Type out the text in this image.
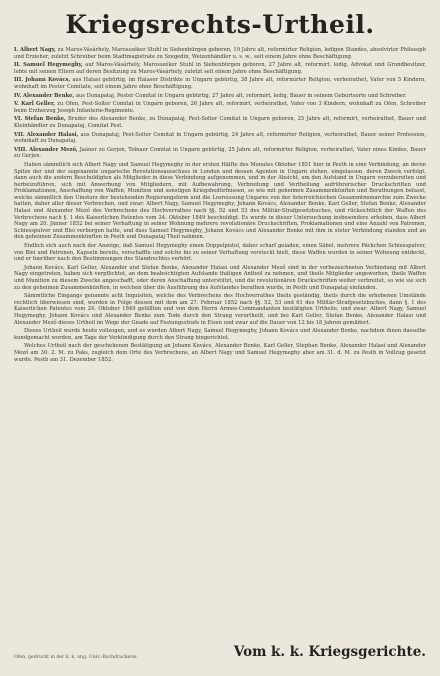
Kriegsrechts-Urtheil.
I. Albert Nagy, zu Maros-Vásárhely, Marosszéker Stuhl in Siebenbürgen geboren, 19 Jahre alt, reformirter Religion, ledigen Standes, absolvirter Philosoph und Erzieher, zuletzt Schreiber beim Stadtmagistrate zu Szegedin, Weizenhändler u. s. w., seit einem Jahre ohne Beschäftigung.
II. Samuel Hegymeghy, auf Maros-Vásárhely, Marosszéker Stuhl in Siebenbürgen geboren, 27 Jahre alt, reformirt, ledig, Advokat und Grundbesitzer, lebte mit seinen Eltern auf deren Besitzung zu Maros-Vásárhely, zuletzt seit einem Jahre ohne Beschäftigung.
III. Johann Kovács, aus Halasi gebürtig, im Halaser Distrikte in Ungarn gebürtig, 38 Jahre alt, reformirter Religion, verheirathet, Vater von 5 Kindern, wohnhaft im Pester Comitate, seit einem Jahre ohne Beschäftigung.
IV. Alexander Benke, aus Dunapataj, Pester Comitat in Ungarn gebürtig, 27 Jahre alt, reformirt, ledig, Bauer in seinem Geburtsorte und Schreiber.
V. Karl Geller, zu Ofen, Pest-Solter Comitat in Ungarn geboren, 26 Jahre alt, reformirt, verheirathet, Vater von 3 Kindern, wohnhaft zu Ofen, Schreiber beim Erzherzog Joseph Infanterie-Regimente.
VI. Stefan Benke, Bruder des Alexander Benke, zu Dunapataj, Pest-Solter Comitat in Ungarn geboren, 25 Jahre alt, reformirt, verheirathet, Bauer und Kleinhändler zu Dunapataj, Comitat Pest.
VII. Alexander Halasi, aus Dunapataj, Pest-Solter Comitat in Ungarn gebürtig, 24 Jahre alt, reformirter Religion, verheirathet, Bauer seiner Profession, wohnhaft zu Dunapataj.
VIII. Alexander Mező, Jaáner zu Gerjen, Tolnaer Comitat in Ungarn gebürtig, 25 Jahre alt, reformirter Religion, verheirathet, Vater eines Kindes, Bauer zu Gerjen.

Haben sämmtlich sich Albert Nagy und Samuel Hegymeghy in der ersten Hälfte des Monates Oktober 1851 hier in Pesth in eine Verbindung, an deren Spitze der und der sogenannte ungarische Revolutionsausschuss in London und dessen Agenten in Ungarn stehen, eingelassen, deren Zweck verfolgt, dann auch die andern Beschuldigten als Mitglieder in diese Verbindung aufgenommen, und in der Absicht, um den Aufstand in Ungarn vorzubereiten und herbeizuführen, sich mit Anwerbung von Mitgliedern, mit Aufbewahrung, Verbreitung und Vertheilung aufrührerischer Druckschriften und Proklamationen, Anschaffung von Waffen, Munition und sonstigen Kriegsbedürfnissen, so wie mit geheimen Zusammenkünften und Berathungen befasst, welche sämmtlich den Umsturz der bestehenden Regierungsform und die Losreissung Ungarns von der österreichischen Gesammtmonarchie zum Zwecke hatten, daher aller dieser Verbrechen, und zwar: Albert Nagy, Samuel Hegymeghy, Johann Kovács, Alexander Benke, Karl Geller, Stefan Benke, Alexander Halasi und Alexander Mező des Verbrechens des Hochverrathes nach §§. 52 und 53 des Militär-Strafgesetzbuches, und rücksichtlich der Waffen des Verbrechens nach §. 1 des Kaiserlichen Patentes vom 24. Oktober 1849 beschuldigt. Es wurde in dieser Untersuchung insbesondere erhoben, dass Albert Nagy am 20. Jänner 1852 bei seiner Verhaftung in seiner Wohnung mehrere revolutionäre Druckschriften, Proklamationen und eine Anzahl von Patronen, Schiesspulver und Blei verborgen hatte, und dass Samuel Hegymeghy, Johann Kovács und Alexander Benke mit ihm in steter Verbindung standen und an den geheimen Zusammenkünften in Pesth und Dunapataj Theil nahmen.

Endlich sich auch nach der Anzeige, daß Samuel Hegymeghy einen Doppelpistol, daher scharf geladen, einen Säbel, mehrere Päckchen Schiesspulver, von Blei und Patronen, Kapseln bereits, verschaffte und solche bis zu seiner Verhaftung versteckt hielt, diese Waffen wurden in seiner Wohnung entdeckt, und er hierüber nach den Bestimmungen des Standrechtes verhört.

Johann Kovács, Karl Geller, Alexander und Stefan Benke, Alexander Halasi und Alexander Mező sind in der vorbezeichneten Verbindung mit Albert Nagy eingetreten, haben sich verpflichtet, an dem beabsichtigten Aufstande thätigen Antheil zu nehmen, und theils Mitglieder angeworben, theils Waffen und Munition zu diesem Zwecke angeschafft, oder deren Anschaffung unterstützt, und die revolutionären Druckschriften weiter verbreitet, so wie sie sich zu den geheimen Zusammenkünften, in welchen über die Ausführung des Aufstandes berathen wurde, in Pesth und Dunapataj einfanden.

Sämmtliche Eingangs genannte acht Inquisiten, welche des Verbrechens des Hochverrathes theils geständig, theils durch die erhobenen Umstände rechtlich überwiesen sind, wurden in Folge dessen mit dem am 27. Februar 1852 nach §§. 52, 53 und 61 des Militär-Strafgesetzbuches, dann §. 1 des Kaiserlichen Patentes vom 24. Oktober 1849 gefällten und von dem Herrn Armee-Commandanten bestätigten Urtheile, und zwar: Albert Nagy, Samuel Hegymeghy, Johann Kovács und Alexander Benke zum Tode durch den Strang verurtheilt, und bei Karl Geller, Stefan Benke, Alexander Halasi und Alexander Mező dieses Urtheil im Wege der Gnade auf Festungsstrafe in Eisen und zwar auf die Dauer von 12 bis 18 Jahren gemildert.

Dieses Urtheil wurde heute vollzogen, und es wurden Albert Nagy, Samuel Hegymeghy, Johann Kovács und Alexander Benke, nachdem ihnen dasselbe kundgemacht worden, am Tage der Verkündigung durch den Strang hingerichtet.

Welches Urtheil nach der geschehenen Bestätigung an Johann Kovács, Alexander Benke, Karl Geller, Stephan Benke, Alexander Halasi und Alexander Mező am 30. 2. M. zu Paks, zugleich dem Orte des Verbrechens, an Albert Nagy und Samuel Hegymeghy aber am 31. d. M. zu Pesth in Vollzug gesetzt wurde. Pesth am 31. Dezember 1852.
Ofen, gedruckt in der k. k. ung. Univ.-Buchdruckerei.	Vom k. k. Kriegsgerichte.
